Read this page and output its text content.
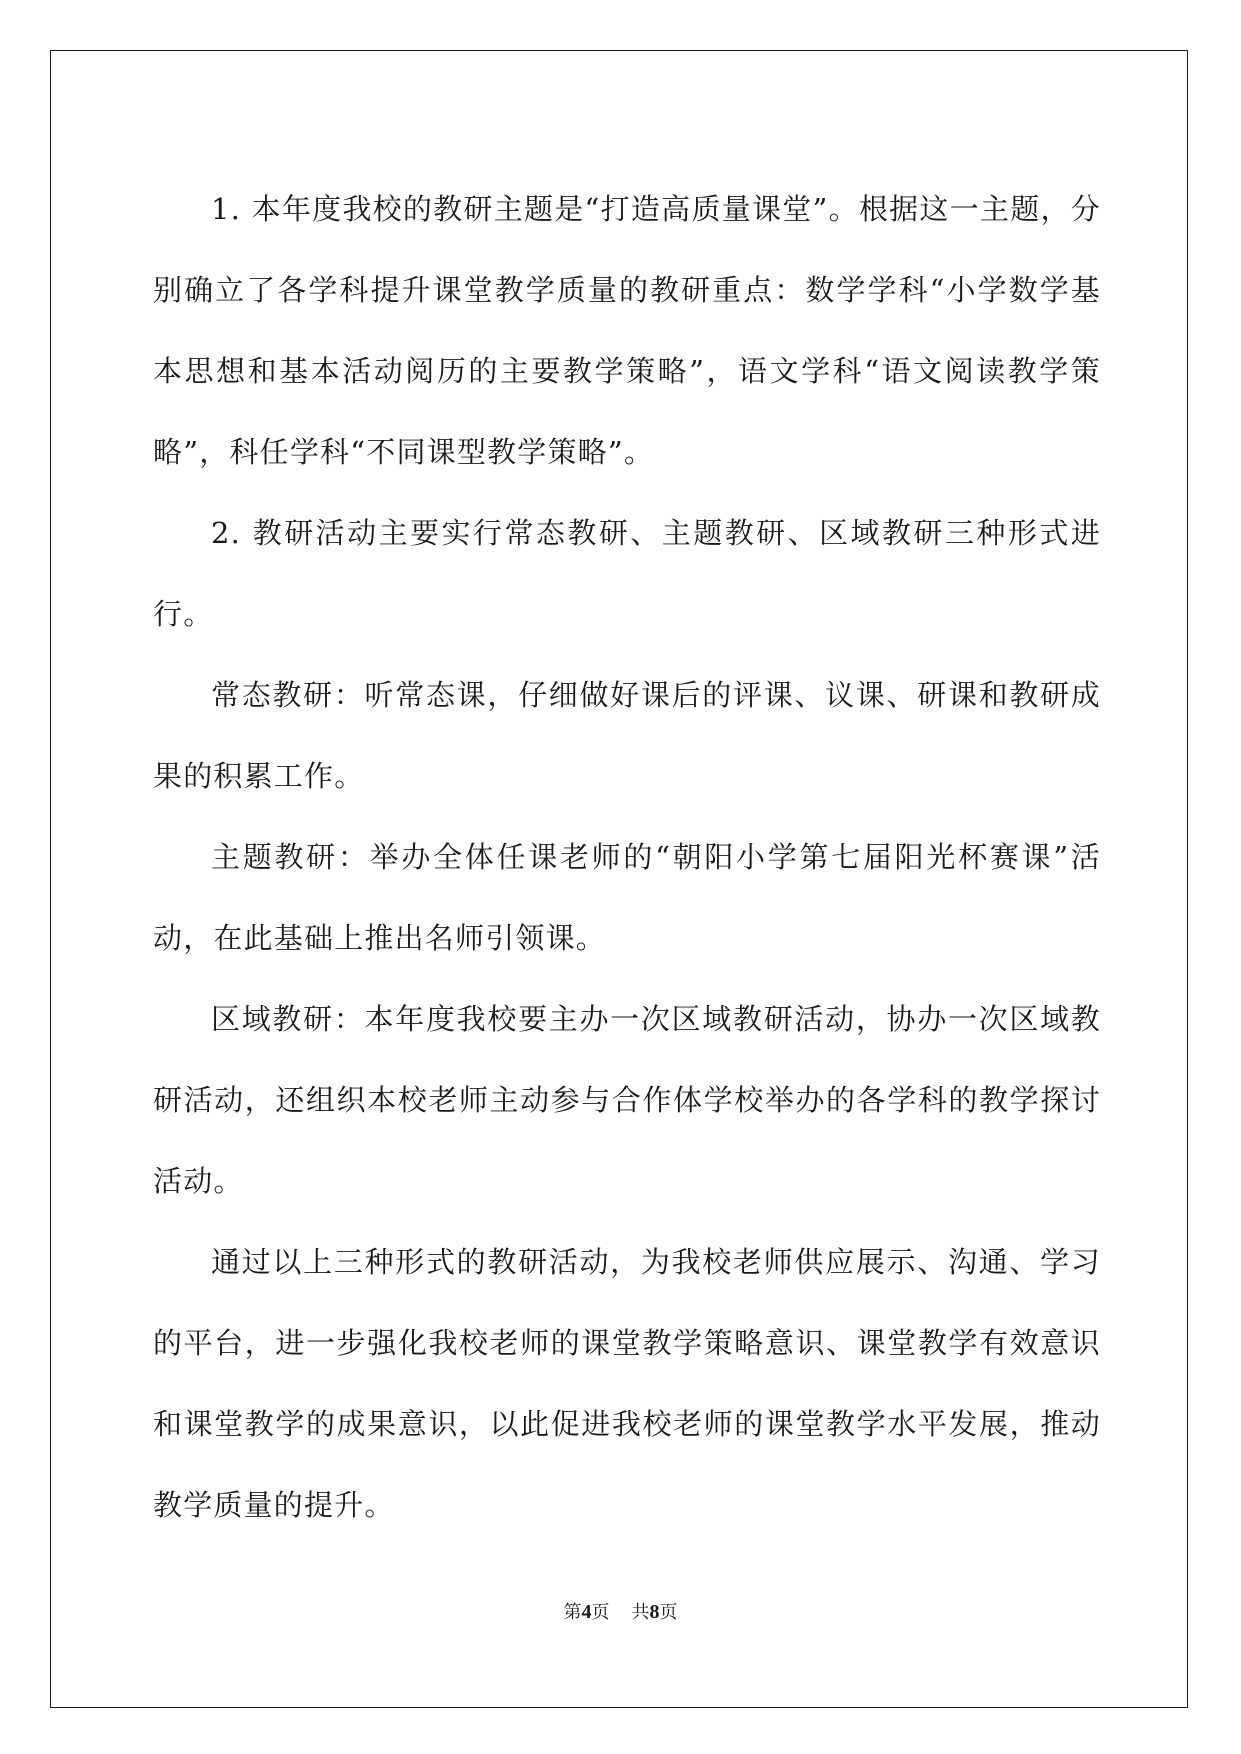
1. 本年度我校的教研主题是“打造高质量课堂”。根据这一主题，分别确立了各学科提升课堂教学质量的教研重点：数学学科“小学数学基本思想和基本活动阅历的主要教学策略”，语文学科“语文阅读教学策略”，科任学科“不同课型教学策略”。

2. 教研活动主要实行常态教研、主题教研、区域教研三种形式进行。

常态教研：听常态课，仔细做好课后的评课、议课、研课和教研成果的积累工作。

主题教研：举办全体任课老师的“朝阳小学第七届阳光杯赛课”活动，在此基础上推出名师引领课。

区域教研：本年度我校要主办一次区域教研活动，协办一次区域教研活动，还组织本校老师主动参与合作体学校举办的各学科的教学探讨活动。

通过以上三种形式的教研活动，为我校老师供应展示、沟通、学习的平台，进一步强化我校老师的课堂教学策略意识、课堂教学有效意识和课堂教学的成果意识，以此促进我校老师的课堂教学水平发展，推动教学质量的提升。

第4页 共8页
